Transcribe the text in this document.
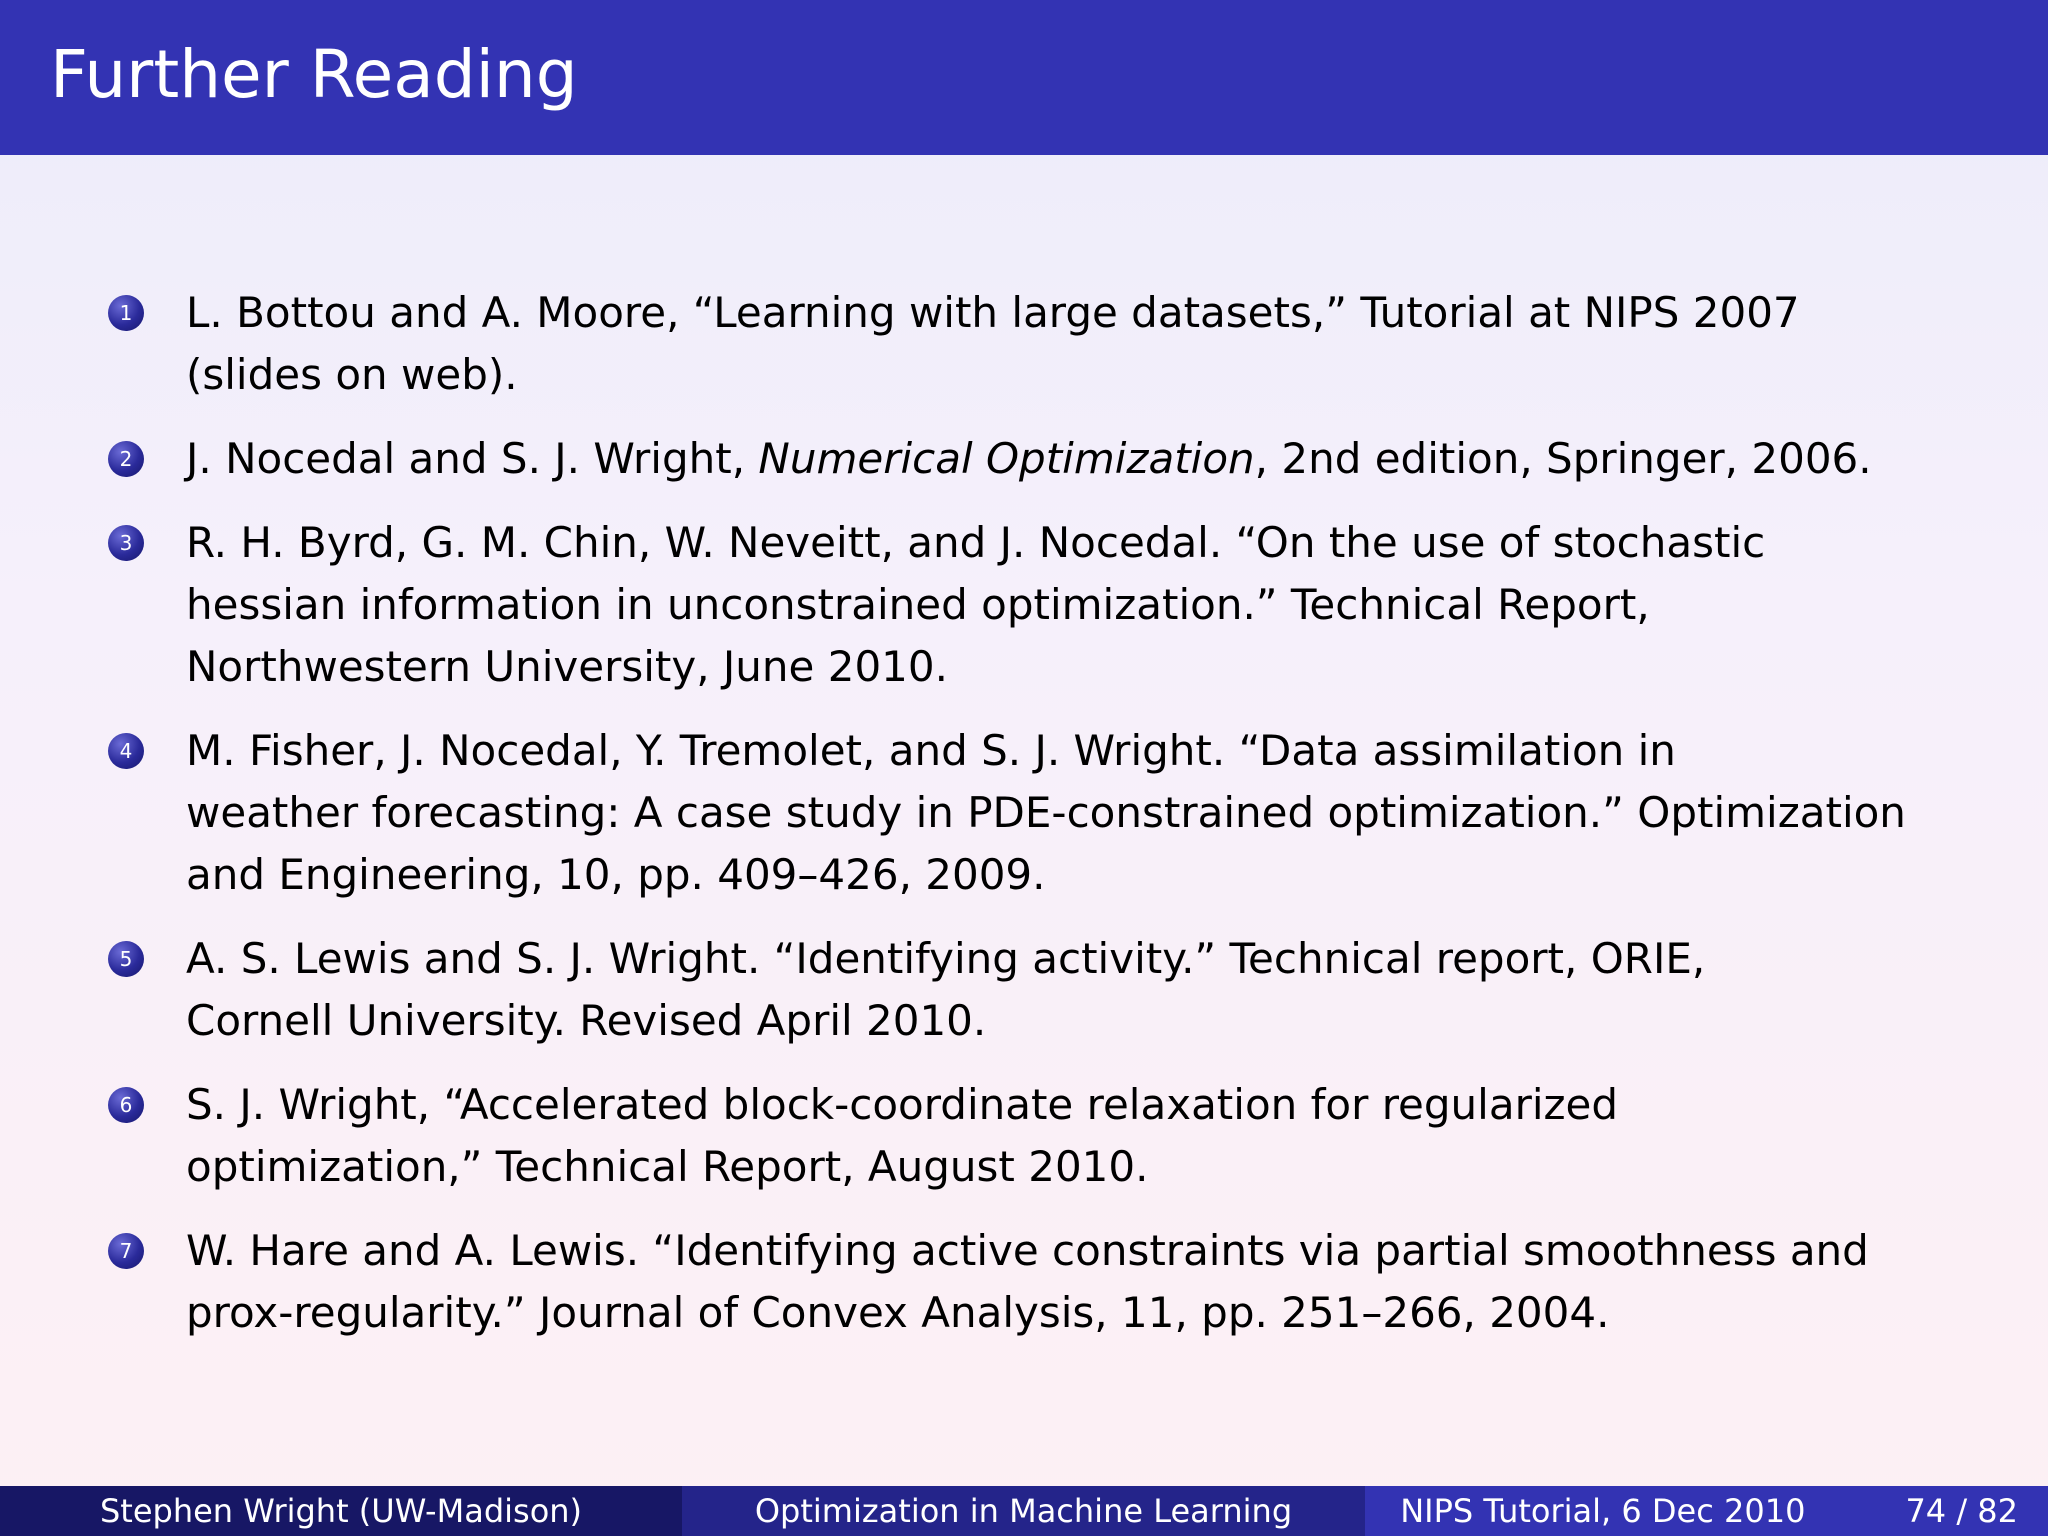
Further Reading
1 L. Bottou and A. Moore, “Learning with large datasets,” Tutorial at NIPS 2007
(slides on web).
2 J. Nocedal and S. J. Wright, Numerical Optimization, 2nd edition, Springer, 2006.
3 R. H. Byrd, G. M. Chin, W. Neveitt, and J. Nocedal. “On the use of stochastic
hessian information in unconstrained optimization.” Technical Report,
Northwestern University, June 2010.
4 M. Fisher, J. Nocedal, Y. Tremolet, and S. J. Wright. “Data assimilation in
weather forecasting: A case study in PDE-constrained optimization.” Optimization
and Engineering, 10, pp. 409–426, 2009.
5 A. S. Lewis and S. J. Wright. “Identifying activity.” Technical report, ORIE,
Cornell University. Revised April 2010.
6 S. J. Wright, “Accelerated block-coordinate relaxation for regularized
optimization,” Technical Report, August 2010.
7 W. Hare and A. Lewis. “Identifying active constraints via partial smoothness and
prox-regularity.” Journal of Convex Analysis, 11, pp. 251–266, 2004.
Stephen Wright (UW-Madison)	Optimization in Machine Learning	NIPS Tutorial, 6 Dec 2010	74 / 82
